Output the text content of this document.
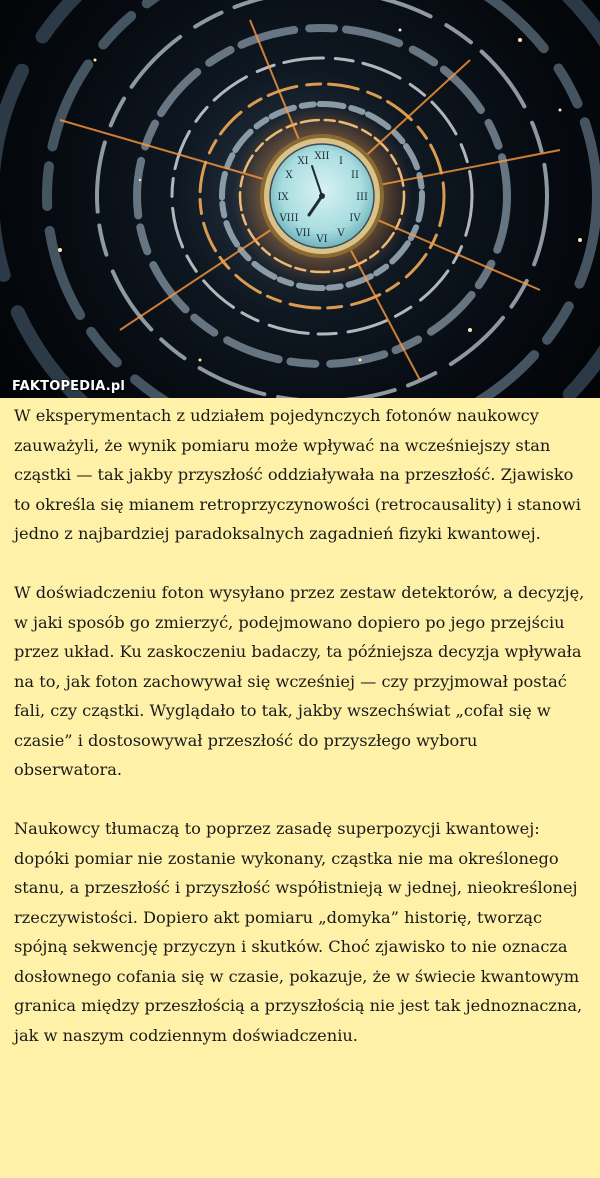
XII I
II
III
IV
V
VI
VII
VIII
IX
X
XI
FAKTOPEDIA.pl

W eksperymentach z udziałem pojedynczych fotonów naukowcy zauważyli, że wynik pomiaru może wpływać na wcześniejszy stan cząstki — tak jakby przyszłość oddziaływała na przeszłość. Zjawisko to określa się mianem retroprzyczynowości (retrocausality) i stanowi jedno z najbardziej paradoksalnych zagadnień fizyki kwantowej.

W doświadczeniu foton wysyłano przez zestaw detektorów, a decyzję, w jaki sposób go zmierzyć, podejmowano dopiero po jego przejściu przez układ. Ku zaskoczeniu badaczy, ta późniejsza decyzja wpływała na to, jak foton zachowywał się wcześniej — czy przyjmował postać fali, czy cząstki. Wyglądało to tak, jakby wszechświat „cofał się w czasie” i dostosowywał przeszłość do przyszłego wyboru obserwatora.

Naukowcy tłumaczą to poprzez zasadę superpozycji kwantowej: dopóki pomiar nie zostanie wykonany, cząstka nie ma określonego stanu, a przeszłość i przyszłość współistnieją w jednej, nieokreślonej rzeczywistości. Dopiero akt pomiaru „domyka” historię, tworząc spójną sekwencję przyczyn i skutków. Choć zjawisko to nie oznacza dosłownego cofania się w czasie, pokazuje, że w świecie kwantowym granica między przeszłością a przyszłością nie jest tak jednoznaczna, jak w naszym codziennym doświadczeniu.
